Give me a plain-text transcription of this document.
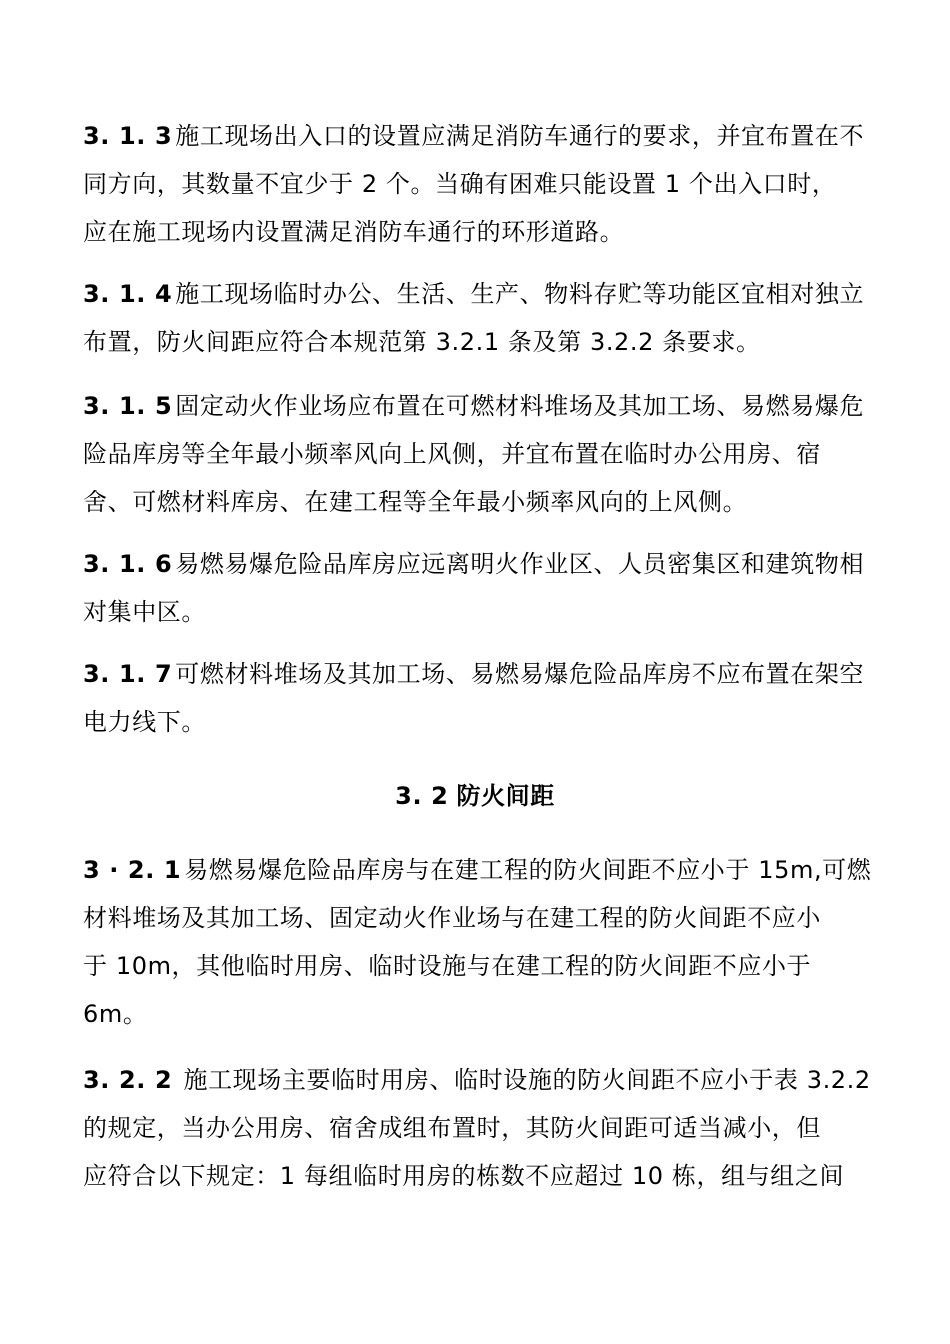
3. 1. 3 施工现场出入口的设置应满足消防车通行的要求，并宜布置在不
同方向，其数量不宜少于 2 个。当确有困难只能设置 1 个出入口时，
应在施工现场内设置满足消防车通行的环形道路。
3. 1. 4 施工现场临时办公、生活、生产、物料存贮等功能区宜相对独立
布置，防火间距应符合本规范第 3.2.1 条及第 3.2.2 条要求。
3. 1. 5 固定动火作业场应布置在可燃材料堆场及其加工场、易燃易爆危
险品库房等全年最小频率风向上风侧，并宜布置在临时办公用房、宿
舍、可燃材料库房、在建工程等全年最小频率风向的上风侧。
3. 1. 6 易燃易爆危险品库房应远离明火作业区、人员密集区和建筑物相
对集中区。
3. 1. 7 可燃材料堆场及其加工场、易燃易爆危险品库房不应布置在架空
电力线下。
3. 2 防火间距
3 · 2. 1 易燃易爆危险品库房与在建工程的防火间距不应小于 15m,可燃
材料堆场及其加工场、固定动火作业场与在建工程的防火间距不应小
于 10m，其他临时用房、临时设施与在建工程的防火间距不应小于
6m。
3. 2. 2 施工现场主要临时用房、临时设施的防火间距不应小于表 3.2.2
的规定，当办公用房、宿舍成组布置时，其防火间距可适当减小，但
应符合以下规定：1 每组临时用房的栋数不应超过 10 栋，组与组之间
